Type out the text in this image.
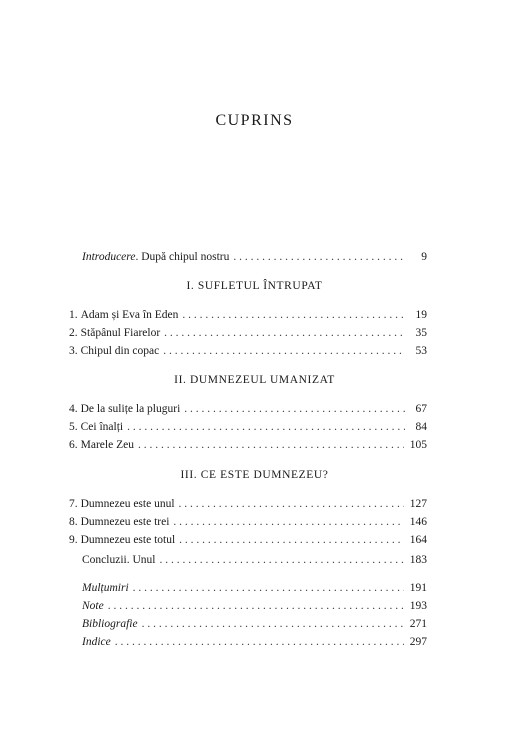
CUPRINS
Introducere. După chipul nostru . . .	9
I. SUFLETUL ÎNTRUPAT
1. Adam și Eva în Eden . . .	19
2. Stăpânul Fiarelor . . .	35
3. Chipul din copac . . .	53
II. DUMNEZEUL UMANIZAT
4. De la sulițe la pluguri . . .	67
5. Cei înalți . . .	84
6. Marele Zeu . . .	105
III. CE ESTE DUMNEZEU?
7. Dumnezeu este unul . . .	127
8. Dumnezeu este trei . . .	146
9. Dumnezeu este totul . . .	164
Concluzii. Unul . . .	183
Mulțumiri . . .	191
Note . . .	193
Bibliografie . . .	271
Indice . . .	297
